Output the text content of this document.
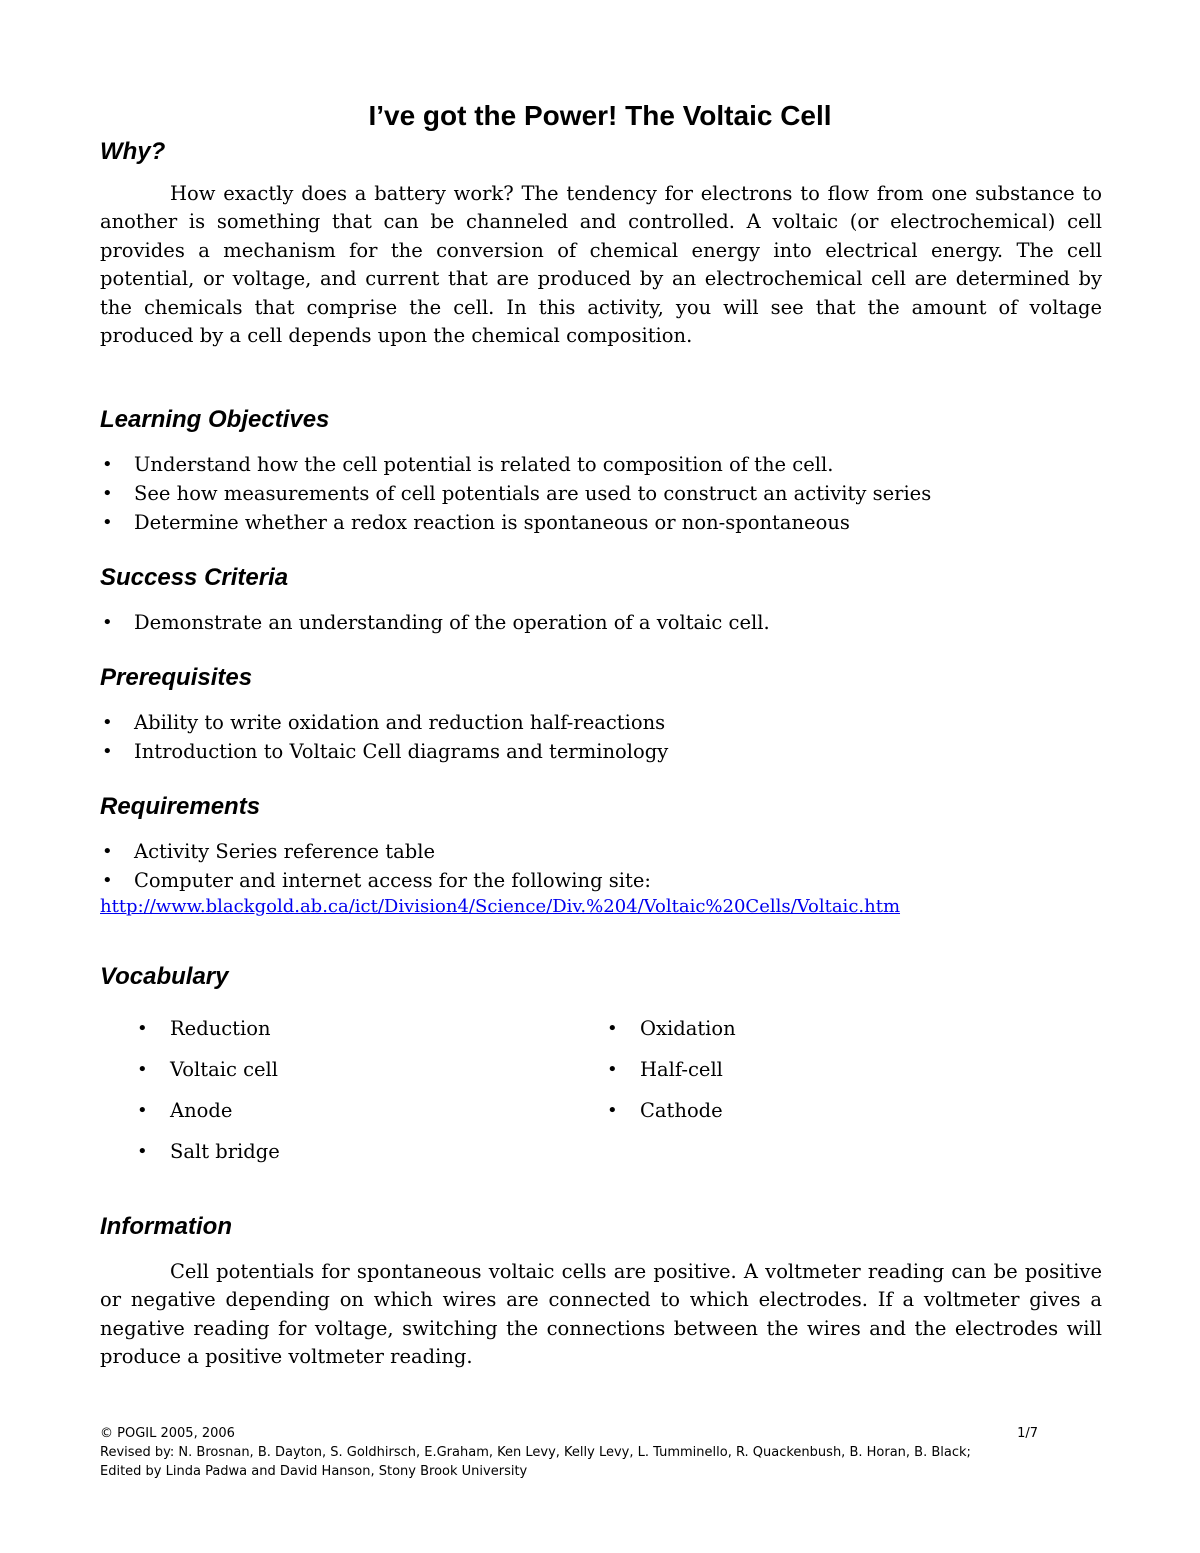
I’ve got the Power! The Voltaic Cell
Why?

How exactly does a battery work? The tendency for electrons to flow from one substance to another is something that can be channeled and controlled. A voltaic (or electrochemical) cell provides a mechanism for the conversion of chemical energy into electrical energy. The cell potential, or voltage, and current that are produced by an electrochemical cell are determined by the chemicals that comprise the cell. In this activity, you will see that the amount of voltage produced by a cell depends upon the chemical composition.

Learning Objectives
• Understand how the cell potential is related to composition of the cell.
• See how measurements of cell potentials are used to construct an activity series
• Determine whether a redox reaction is spontaneous or non-spontaneous
Success Criteria
• Demonstrate an understanding of the operation of a voltaic cell.
Prerequisites
• Ability to write oxidation and reduction half-reactions
• Introduction to Voltaic Cell diagrams and terminology
Requirements
• Activity Series reference table
• Computer and internet access for the following site:
http://www.blackgold.ab.ca/ict/Division4/Science/Div.%204/Voltaic%20Cells/Voltaic.htm
Vocabulary
• Reduction
• Voltaic cell
• Anode
• Salt bridge
• Oxidation
• Half-cell
• Cathode
Information

Cell potentials for spontaneous voltaic cells are positive. A voltmeter reading can be positive or negative depending on which wires are connected to which electrodes. If a voltmeter gives a negative reading for voltage, switching the connections between the wires and the electrodes will produce a positive voltmeter reading.

© POGIL 2005, 2006	1/7
Revised by: N. Brosnan, B. Dayton, S. Goldhirsch, E.Graham, Ken Levy, Kelly Levy, L. Tumminello, R. Quackenbush, B. Horan, B. Black;
Edited by Linda Padwa and David Hanson, Stony Brook University
